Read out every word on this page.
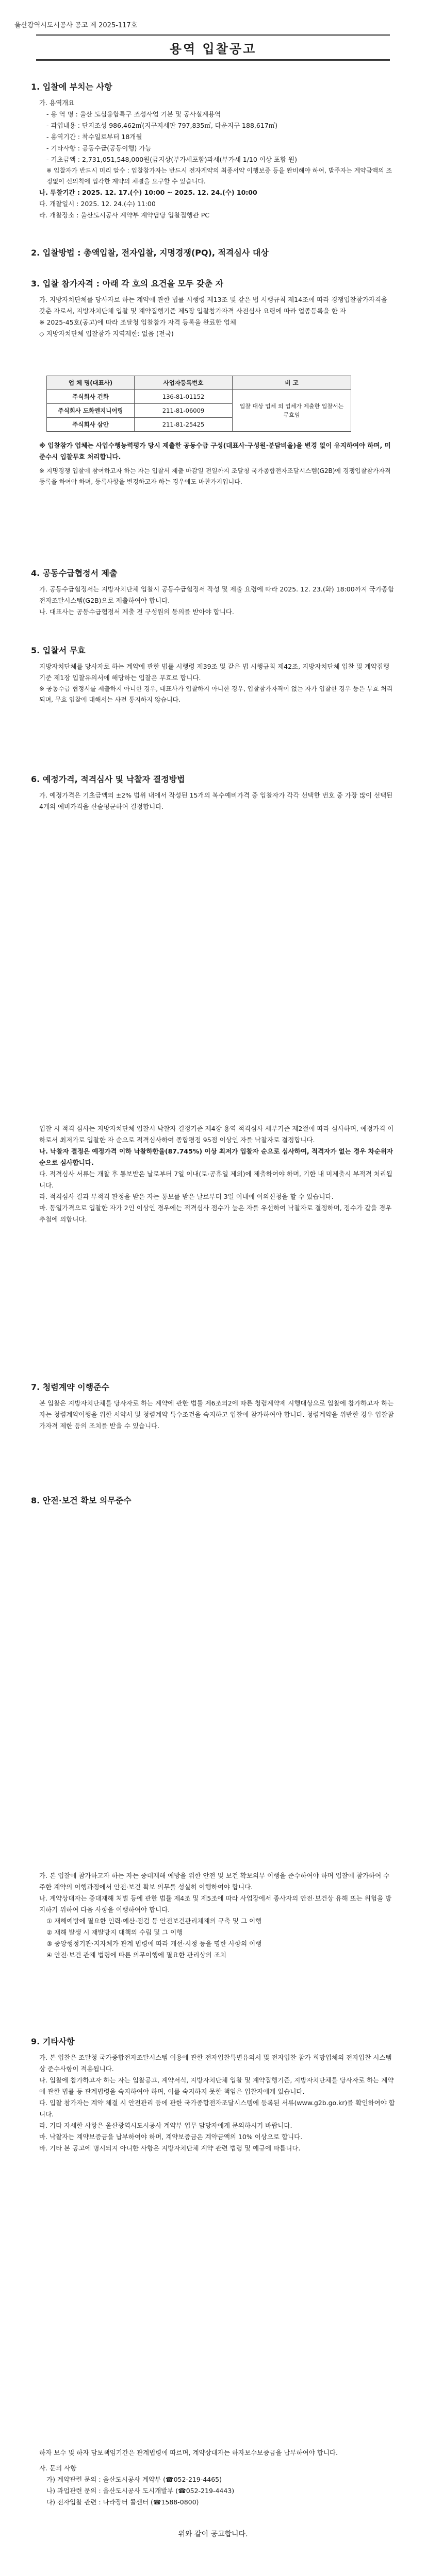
울산광역시도시공사 공고 제 2025-117호
용역 입찰공고
1. 입찰에 부치는 사항
가. 용역개요
- 용 역 명 : 울산 도심융합특구 조성사업 기본 및 공사실계용역
- 과업내용 : 단지조성 986,462㎡(지구지세판 797,835㎡, 다운지구 188,617㎡)
- 용역기간 : 착수일로부터 18개월
- 기타사항 : 공동수급(공동이행) 가능
- 기초금액 : 2,731,051,548,000원(금지상(부가세포함)과세(부가세 1/10 이상 포함 원)
※ 입찰자가 반드시 미리 알수 : 입찰참가자는 반드시 전자계약의 최종서약 이행보증 등을 완비해야 하여, 발주자는 계약금액의 조정없이 신의칙에 입각한 계약의 체결을 요구할 수 있습니다.
나. 투찰기간 : 2025. 12. 17.(수) 10:00 ~ 2025. 12. 24.(수) 10:00
다. 개찰일시 : 2025. 12. 24.(수) 11:00
라. 개찰장소 : 울산도시공사 계약부 계약담당 입찰집행관 PC
2. 입찰방법 : 총액입찰, 전자입찰, 지명경쟁(PQ), 적격심사 대상
3. 입찰 참가자격 : 아래 각 호의 요건을 모두 갖춘 자
가. 지방자치단체를 당사자로 하는 계약에 관한 법률 시행령 제13조 및 같은 법 시행규칙 제14조에 따라 경쟁입찰참가자격을 갖춘 자로서, 지방자치단체 입찰 및 계약집행기준 제5장 입찰참가자격 사전심사 요령에 따라 업종등록을 한 자
※ 2025-45호(공고)에 따라 조달청 입찰참가 자격 등록을 완료한 업체
◇ 지방자치단체 입찰참가 지역제한: 없음 (전국)
업 체 명(대표사)	사업자등록번호	비 고
주식회사 건화	136-81-01152	입찰 대상 업체 외 업체가 제출한 입찰서는 무효임
주식회사 도화엔지니어링	211-81-06009	
주식회사 삼안	211-81-25425	
※ 입찰참가 업체는 사업수행능력평가 당시 제출한 공동수급 구성(대표사·구성원·분담비율)을 변경 없이 유지하여야 하며, 미준수시 입찰무효 처리합니다.
※ 지명경쟁 입찰에 참여하고자 하는 자는 입찰서 제출 마감일 전일까지 조달청 국가종합전자조달시스템(G2B)에 경쟁입찰참가자격 등록을 하여야 하며, 등록사항을 변경하고자 하는 경우에도 마찬가지입니다.
4. 공동수급협정서 제출
가. 공동수급협정서는 지방자치단체 입찰시 공동수급협정서 작성 및 제출 요령에 따라 2025. 12. 23.(화) 18:00까지 국가종합전자조달시스템(G2B)으로 제출하여야 합니다.
나. 대표사는 공동수급협정서 제출 전 구성원의 동의를 받아야 합니다.
5. 입찰서 무효
지방자치단체를 당사자로 하는 계약에 관한 법률 시행령 제39조 및 같은 법 시행규칙 제42조, 지방자치단체 입찰 및 계약집행기준 제1장 입찰유의서에 해당하는 입찰은 무효로 합니다.
※ 공동수급 협정서를 제출하지 아니한 경우, 대표사가 입찰하지 아니한 경우, 입찰참가자격이 없는 자가 입찰한 경우 등은 무효 처리되며, 무효 입찰에 대해서는 사전 통지하지 않습니다.
6. 예정가격, 적격심사 및 낙찰자 결정방법
가. 예정가격은 기초금액의 ±2% 범위 내에서 작성된 15개의 복수예비가격 중 입찰자가 각각 선택한 번호 중 가장 많이 선택된 4개의 예비가격을 산술평균하여 결정합니다.
입찰 시 적격 심사는 지방자치단체 입찰시 낙찰자 결정기준 제4장 용역 적격심사 세부기준 제2절에 따라 심사하며, 예정가격 이하로서 최저가로 입찰한 자 순으로 적격심사하여 종합평점 95점 이상인 자를 낙찰자로 결정합니다.
나. 낙찰자 결정은 예정가격 이하 낙찰하한율(87.745%) 이상 최저가 입찰자 순으로 심사하여, 적격자가 없는 경우 차순위자 순으로 심사합니다.
다. 적격심사 서류는 개찰 후 통보받은 날로부터 7일 이내(토·공휴일 제외)에 제출하여야 하며, 기한 내 미제출시 부적격 처리됩니다.
라. 적격심사 결과 부적격 판정을 받은 자는 통보를 받은 날로부터 3일 이내에 이의신청을 할 수 있습니다.
마. 동일가격으로 입찰한 자가 2인 이상인 경우에는 적격심사 점수가 높은 자를 우선하여 낙찰자로 결정하며, 점수가 같을 경우 추첨에 의합니다.
7. 청렴계약 이행준수
본 입찰은 지방자치단체를 당사자로 하는 계약에 관한 법률 제6조의2에 따른 청렴계약제 시행대상으로 입찰에 참가하고자 하는 자는 청렴계약이행을 위한 서약서 및 청렴계약 특수조건을 숙지하고 입찰에 참가하여야 합니다. 청렴계약을 위반한 경우 입찰참가자격 제한 등의 조치를 받을 수 있습니다.
8. 안전·보건 확보 의무준수
가. 본 입찰에 참가하고자 하는 자는 중대재해 예방을 위한 안전 및 보건 확보의무 이행을 준수하여야 하며 입찰에 참가하여 수주한 계약의 이행과정에서 안전·보건 확보 의무를 성실히 이행하여야 합니다.
나. 계약상대자는 중대재해 처벌 등에 관한 법률 제4조 및 제5조에 따라 사업장에서 종사자의 안전·보건상 유해 또는 위험을 방지하기 위하여 다음 사항을 이행하여야 합니다.
① 재해예방에 필요한 인력·예산·점검 등 안전보건관리체계의 구축 및 그 이행
② 재해 발생 시 재발방지 대책의 수립 및 그 이행
③ 중앙행정기관·지자체가 관계 법령에 따라 개선·시정 등을 명한 사항의 이행
④ 안전·보건 관계 법령에 따른 의무이행에 필요한 관리상의 조치
9. 기타사항
가. 본 입찰은 조달청 국가종합전자조달시스템 이용에 관한 전자입찰특별유의서 및 전자입찰 참가 희망업체의 전자입찰 시스템상 준수사항이 적용됩니다.
나. 입찰에 참가하고자 하는 자는 입찰공고, 계약서식, 지방자치단체 입찰 및 계약집행기준, 지방자치단체를 당사자로 하는 계약에 관한 법률 등 관계법령을 숙지하여야 하며, 이를 숙지하지 못한 책임은 입찰자에게 있습니다.
다. 입찰 참가자는 계약 체결 시 안전관리 등에 관한 국가종합전자조달시스템에 등록된 서류(www.g2b.go.kr)를 확인하여야 합니다.
라. 기타 자세한 사항은 울산광역시도시공사 계약부 업무 담당자에게 문의하시기 바랍니다.
마. 낙찰자는 계약보증금을 납부하여야 하며, 계약보증금은 계약금액의 10% 이상으로 합니다.
바. 기타 본 공고에 명시되지 아니한 사항은 지방자치단체 계약 관련 법령 및 예규에 따릅니다.
하자 보수 및 하자 담보책임기간은 관계법령에 따르며, 계약상대자는 하자보수보증금을 납부하여야 합니다.
사. 문의 사항
가) 계약관련 문의 : 울산도시공사 계약부 (☎052-219-4465)
나) 과업관련 문의 : 울산도시공사 도시개발부 (☎052-219-4443)
다) 전자입찰 관련 : 나라장터 콜센터 (☎1588-0800)
위와 같이 공고합니다.
